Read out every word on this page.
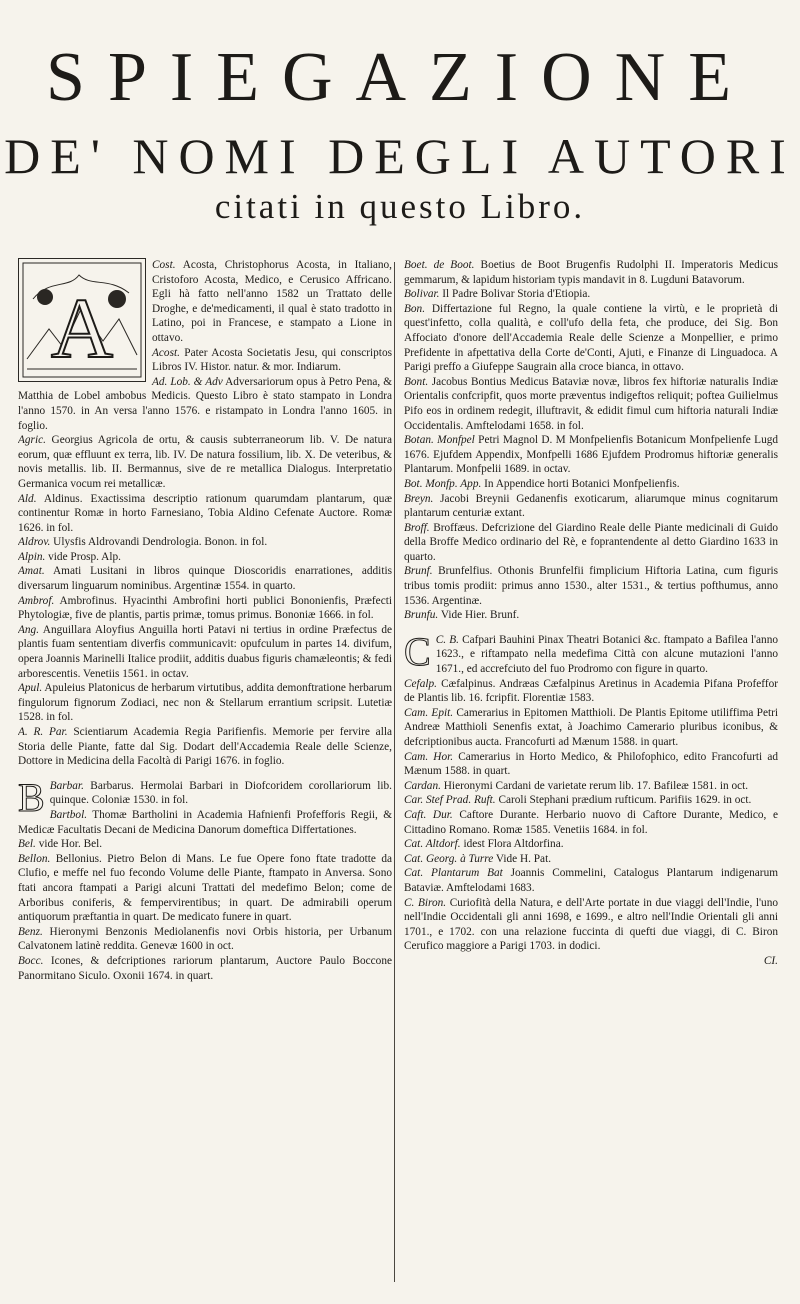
SPIEGAZIONE
DE' NOMI DEGLI AUTORI
citati in questo Libro.
A

Cost. Acosta, Christophorus Acosta, in Italiano, Cristoforo Acosta, Medico, e Cerusico Affricano. Egli hà fatto nell'anno 1582 un Trattato delle Droghe, e de'medicamenti, il qual è stato tradotto in Latino, poi in Francese, e stampato a Lione in ottavo.

Acost. Pater Acosta Societatis Jesu, qui conscriptos Libros IV. Histor. natur. & mor. Indiarum.

Ad. Lob. & Adv Adversariorum opus à Petro Pena, & Matthia de Lobel ambobus Medicis. Questo Libro è stato stampato in Londra l'anno 1570. in An versa l'anno 1576. e ristampato in Londra l'anno 1605. in foglio.

Agric. Georgius Agricola de ortu, & causis subterraneorum lib. V. De natura eorum, quæ effluunt ex terra, lib. IV. De natura fossilium, lib. X. De veteribus, & novis metallis. lib. II. Bermannus, sive de re metallica Dialogus. Interpretatio Germanica vocum rei metallicæ.

Ald. Aldinus. Exactissima descriptio rationum quarumdam plantarum, quæ continentur Romæ in horto Farnesiano, Tobia Aldino Cefenate Auctore. Romæ 1626. in fol.

Aldrov. Ulysfis Aldrovandi Dendrologia. Bonon. in fol.

Alpin. vide Prosp. Alp.

Amat. Amati Lusitani in libros quinque Dioscoridis enarrationes, additis diversarum linguarum nominibus. Argentinæ 1554. in quarto.

Ambrof. Ambrofinus. Hyacinthi Ambrofini horti publici Bononienfis, Præfecti Phytologiæ, five de plantis, partis primæ, tomus primus. Bononiæ 1666. in fol.

Ang. Anguillara Aloyfius Anguilla horti Patavi ni tertius in ordine Præfectus de plantis fuam sententiam diverfis communicavit: opufculum in partes 14. divifum, opera Joannis Marinelli Italice prodiit, additis duabus figuris chamæleontis; & fedi arborescentis. Venetiis 1561. in octav.

Apul. Apuleius Platonicus de herbarum virtutibus, addita demonftratione herbarum fingulorum fignorum Zodiaci, nec non & Stellarum errantium scripsit. Lutetiæ 1528. in fol.

A. R. Par. Scientiarum Academia Regia Parifienfis. Memorie per fervire alla Storia delle Piante, fatte dal Sig. Dodart dell'Accademia Reale delle Scienze, Dottore in Medicina della Facoltà di Parigi 1676. in foglio.

B Barbar. Barbarus. Hermolai Barbari in Diofcoridem corollariorum lib. quinque. Coloniæ 1530. in fol.

Bartbol. Thomæ Bartholini in Academia Hafnienfi Profefforis Regii, & Medicæ Facultatis Decani de Medicina Danorum domeftica Differtationes.

Bel. vide Hor. Bel.

Bellon. Bellonius. Pietro Belon di Mans. Le fue Opere fono ftate tradotte da Clufio, e meffe nel fuo fecondo Volume delle Piante, ftampato in Anversa. Sono ftati ancora ftampati a Parigi alcuni Trattati del medefimo Belon; come de Arboribus coniferis, & fempervirentibus; in quart. De admirabili operum antiquorum præftantia in quart. De medicato funere in quart.

Benz. Hieronymi Benzonis Mediolanenfis novi Orbis historia, per Urbanum Calvatonem latinè reddita. Genevæ 1600 in oct.

Bocc. Icones, & defcriptiones rariorum plantarum, Auctore Paulo Boccone Panormitano Siculo. Oxonii 1674. in quart.

Boet. de Boot. Boetius de Boot Brugenfis Rudolphi II. Imperatoris Medicus gemmarum, & lapidum historiam typis mandavit in 8. Lugduni Batavorum.

Bolivar. Il Padre Bolivar Storia d'Etiopia.

Bon. Differtazione ful Regno, la quale contiene la virtù, e le proprietà di quest'infetto, colla qualità, e coll'ufo della feta, che produce, dei Sig. Bon Affociato d'onore dell'Accademia Reale delle Scienze a Monpellier, e primo Prefidente in afpettativa della Corte de'Conti, Ajuti, e Finanze di Linguadoca. A Parigi preffo a Giufeppe Saugrain alla croce bianca, in ottavo.

Bont. Jacobus Bontius Medicus Bataviæ novæ, libros fex hiftoriæ naturalis Indiæ Orientalis confcripfit, quos morte præventus indigeftos reliquit; poftea Guilielmus Pifo eos in ordinem redegit, illuftravit, & edidit fimul cum hiftoria naturali Indiæ Occidentalis. Amftelodami 1658. in fol.

Botan. Monfpel Petri Magnol D. M Monfpelienfis Botanicum Monfpelienfe Lugd 1676. Ejufdem Appendix, Monfpelli 1686 Ejufdem Prodromus hiftoriæ generalis Plantarum. Monfpelii 1689. in octav.

Bot. Monfp. App. In Appendice horti Botanici Monfpelienfis.

Breyn. Jacobi Breynii Gedanenfis exoticarum, aliarumque minus cognitarum plantarum centuriæ extant.

Broff. Broffæus. Defcrizione del Giardino Reale delle Piante medicinali di Guido della Broffe Medico ordinario del Rè, e foprantendente al detto Giardino 1633 in quarto.

Brunf. Brunfelfius. Othonis Brunfelfii fimplicium Hiftoria Latina, cum figuris tribus tomis prodiit: primus anno 1530., alter 1531., & tertius pofthumus, anno 1536. Argentinæ.

Brunfu. Vide Hier. Brunf.

C C. B. Cafpari Bauhini Pinax Theatri Botanici &c. ftampato a Bafilea l'anno 1623., e riftampato nella medefima Città con alcune mutazioni l'anno 1671., ed accrefciuto del fuo Prodromo con figure in quarto.

Cefalp. Cæfalpinus. Andræas Cæfalpinus Aretinus in Academia Pifana Profeffor de Plantis lib. 16. fcripfit. Florentiæ 1583.

Cam. Epit. Camerarius in Epitomen Matthioli. De Plantis Epitome utiliffima Petri Andreæ Matthioli Senenfis extat, à Joachimo Camerario pluribus iconibus, & defcriptionibus aucta. Francofurti ad Mænum 1588. in quart.

Cam. Hor. Camerarius in Horto Medico, & Philofophico, edito Francofurti ad Mænum 1588. in quart.

Cardan. Hieronymi Cardani de varietate rerum lib. 17. Bafileæ 1581. in oct.

Car. Stef Prad. Ruft. Caroli Stephani prædium rufticum. Parifiis 1629. in oct.

Caft. Dur. Caftore Durante. Herbario nuovo di Caftore Durante, Medico, e Cittadino Romano. Romæ 1585. Venetiis 1684. in fol.

Cat. Altdorf. idest Flora Altdorfina.

Cat. Georg. à Turre Vide H. Pat.

Cat. Plantarum Bat Joannis Commelini, Catalogus Plantarum indigenarum Bataviæ. Amftelodami 1683.

C. Biron. Curiofità della Natura, e dell'Arte portate in due viaggi dell'Indie, l'uno nell'Indie Occidentali gli anni 1698, e 1699., e altro nell'Indie Orientali gli anni 1701., e 1702. con una relazione fuccinta di quefti due viaggi, di C. Biron Cerufico maggiore a Parigi 1703. in dodici.

CI.
